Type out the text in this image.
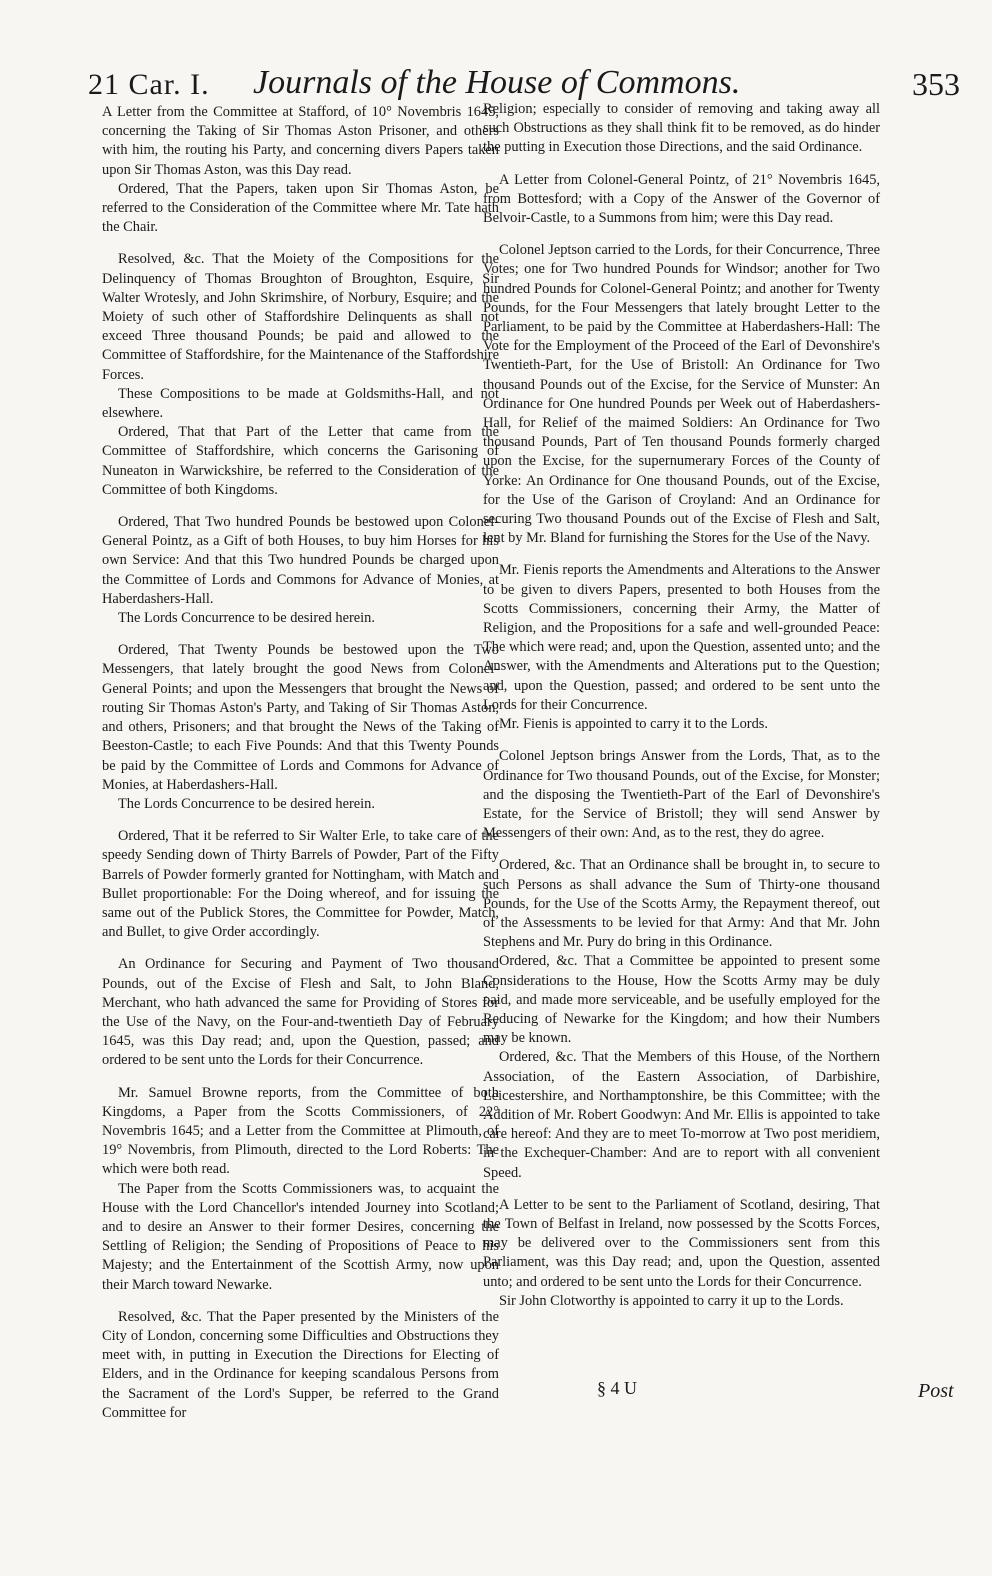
21 Car. I. Journals of the House of Commons.	353

A Letter from the Committee at Stafford, of 10° Novembris 1645, concerning the Taking of Sir Thomas Aston Prisoner, and others with him, the routing his Party, and concerning divers Papers taken upon Sir Thomas Aston, was this Day read.

Ordered, That the Papers, taken upon Sir Thomas Aston, be referred to the Consideration of the Committee where Mr. Tate hath the Chair.

Resolved, &c. That the Moiety of the Compositions for the Delinquency of Thomas Broughton of Broughton, Esquire, Sir Walter Wrotesly, and John Skrimshire, of Norbury, Esquire; and the Moiety of such other of Staffordshire Delinquents as shall not exceed Three thousand Pounds; be paid and allowed to the Committee of Staffordshire, for the Maintenance of the Staffordshire Forces.

These Compositions to be made at Goldsmiths-Hall, and not elsewhere.

Ordered, That that Part of the Letter that came from the Committee of Staffordshire, which concerns the Garisoning of Nuneaton in Warwickshire, be referred to the Consideration of the Committee of both Kingdoms.

Ordered, That Two hundred Pounds be bestowed upon Colonel-General Pointz, as a Gift of both Houses, to buy him Horses for his own Service: And that this Two hundred Pounds be charged upon the Committee of Lords and Commons for Advance of Monies, at Haberdashers-Hall.

The Lords Concurrence to be desired herein.

Ordered, That Twenty Pounds be bestowed upon the Two Messengers, that lately brought the good News from Colonel-General Points; and upon the Messengers that brought the News of routing Sir Thomas Aston's Party, and Taking of Sir Thomas Aston, and others, Prisoners; and that brought the News of the Taking of Beeston-Castle; to each Five Pounds: And that this Twenty Pounds be paid by the Committee of Lords and Commons for Advance of Monies, at Haberdashers-Hall.

The Lords Concurrence to be desired herein.

Ordered, That it be referred to Sir Walter Erle, to take care of the speedy Sending down of Thirty Barrels of Powder, Part of the Fifty Barrels of Powder formerly granted for Nottingham, with Match and Bullet proportionable: For the Doing whereof, and for issuing the same out of the Publick Stores, the Committee for Powder, Match, and Bullet, to give Order accordingly.

An Ordinance for Securing and Payment of Two thousand Pounds, out of the Excise of Flesh and Salt, to John Bland, Merchant, who hath advanced the same for Providing of Stores for the Use of the Navy, on the Four-and-twentieth Day of February 1645, was this Day read; and, upon the Question, passed; and ordered to be sent unto the Lords for their Concurrence.

Mr. Samuel Browne reports, from the Committee of both Kingdoms, a Paper from the Scotts Commissioners, of 22° Novembris 1645; and a Letter from the Committee at Plimouth, of 19° Novembris, from Plimouth, directed to the Lord Roberts: The which were both read.

The Paper from the Scotts Commissioners was, to acquaint the House with the Lord Chancellor's intended Journey into Scotland; and to desire an Answer to their former Desires, concerning the Settling of Religion; the Sending of Propositions of Peace to his Majesty; and the Entertainment of the Scottish Army, now upon their March toward Newarke.

Resolved, &c. That the Paper presented by the Ministers of the City of London, concerning some Difficulties and Obstructions they meet with, in putting in Execution the Directions for Electing of Elders, and in the Ordinance for keeping scandalous Persons from the Sacrament of the Lord's Supper, be referred to the Grand Committee for

Religion; especially to consider of removing and taking away all such Obstructions as they shall think fit to be removed, as do hinder the putting in Execution those Directions, and the said Ordinance.

A Letter from Colonel-General Pointz, of 21° Novembris 1645, from Bottesford; with a Copy of the Answer of the Governor of Belvoir-Castle, to a Summons from him; were this Day read.

Colonel Jeptson carried to the Lords, for their Concurrence, Three Votes; one for Two hundred Pounds for Windsor; another for Two hundred Pounds for Colonel-General Pointz; and another for Twenty Pounds, for the Four Messengers that lately brought Letter to the Parliament, to be paid by the Committee at Haberdashers-Hall: The Vote for the Employment of the Proceed of the Earl of Devonshire's Twentieth-Part, for the Use of Bristoll: An Ordinance for Two thousand Pounds out of the Excise, for the Service of Munster: An Ordinance for One hundred Pounds per Week out of Haberdashers-Hall, for Relief of the maimed Soldiers: An Ordinance for Two thousand Pounds, Part of Ten thousand Pounds formerly charged upon the Excise, for the supernumerary Forces of the County of Yorke: An Ordinance for One thousand Pounds, out of the Excise, for the Use of the Garison of Croyland: And an Ordinance for securing Two thousand Pounds out of the Excise of Flesh and Salt, lent by Mr. Bland for furnishing the Stores for the Use of the Navy.

Mr. Fienis reports the Amendments and Alterations to the Answer to be given to divers Papers, presented to both Houses from the Scotts Commissioners, concerning their Army, the Matter of Religion, and the Propositions for a safe and well-grounded Peace: The which were read; and, upon the Question, assented unto; and the Answer, with the Amendments and Alterations put to the Question; and, upon the Question, passed; and ordered to be sent unto the Lords for their Concurrence.

Mr. Fienis is appointed to carry it to the Lords.

Colonel Jeptson brings Answer from the Lords, That, as to the Ordinance for Two thousand Pounds, out of the Excise, for Monster; and the disposing the Twentieth-Part of the Earl of Devonshire's Estate, for the Service of Bristoll; they will send Answer by Messengers of their own: And, as to the rest, they do agree.

Ordered, &c. That an Ordinance shall be brought in, to secure to such Persons as shall advance the Sum of Thirty-one thousand Pounds, for the Use of the Scotts Army, the Repayment thereof, out of the Assessments to be levied for that Army: And that Mr. John Stephens and Mr. Pury do bring in this Ordinance.

Ordered, &c. That a Committee be appointed to present some Considerations to the House, How the Scotts Army may be duly paid, and made more serviceable, and be usefully employed for the Reducing of Newarke for the Kingdom; and how their Numbers may be known.

Ordered, &c. That the Members of this House, of the Northern Association, of the Eastern Association, of Darbishire, Leicestershire, and Northamptonshire, be this Committee; with the Addition of Mr. Robert Goodwyn: And Mr. Ellis is appointed to take care hereof: And they are to meet To-morrow at Two post meridiem, in the Exchequer-Chamber: And are to report with all convenient Speed.

A Letter to be sent to the Parliament of Scotland, desiring, That the Town of Belfast in Ireland, now possessed by the Scotts Forces, may be delivered over to the Commissioners sent from this Parliament, was this Day read; and, upon the Question, assented unto; and ordered to be sent unto the Lords for their Concurrence.

Sir John Clotworthy is appointed to carry it up to the Lords.

§ 4 U	Post
